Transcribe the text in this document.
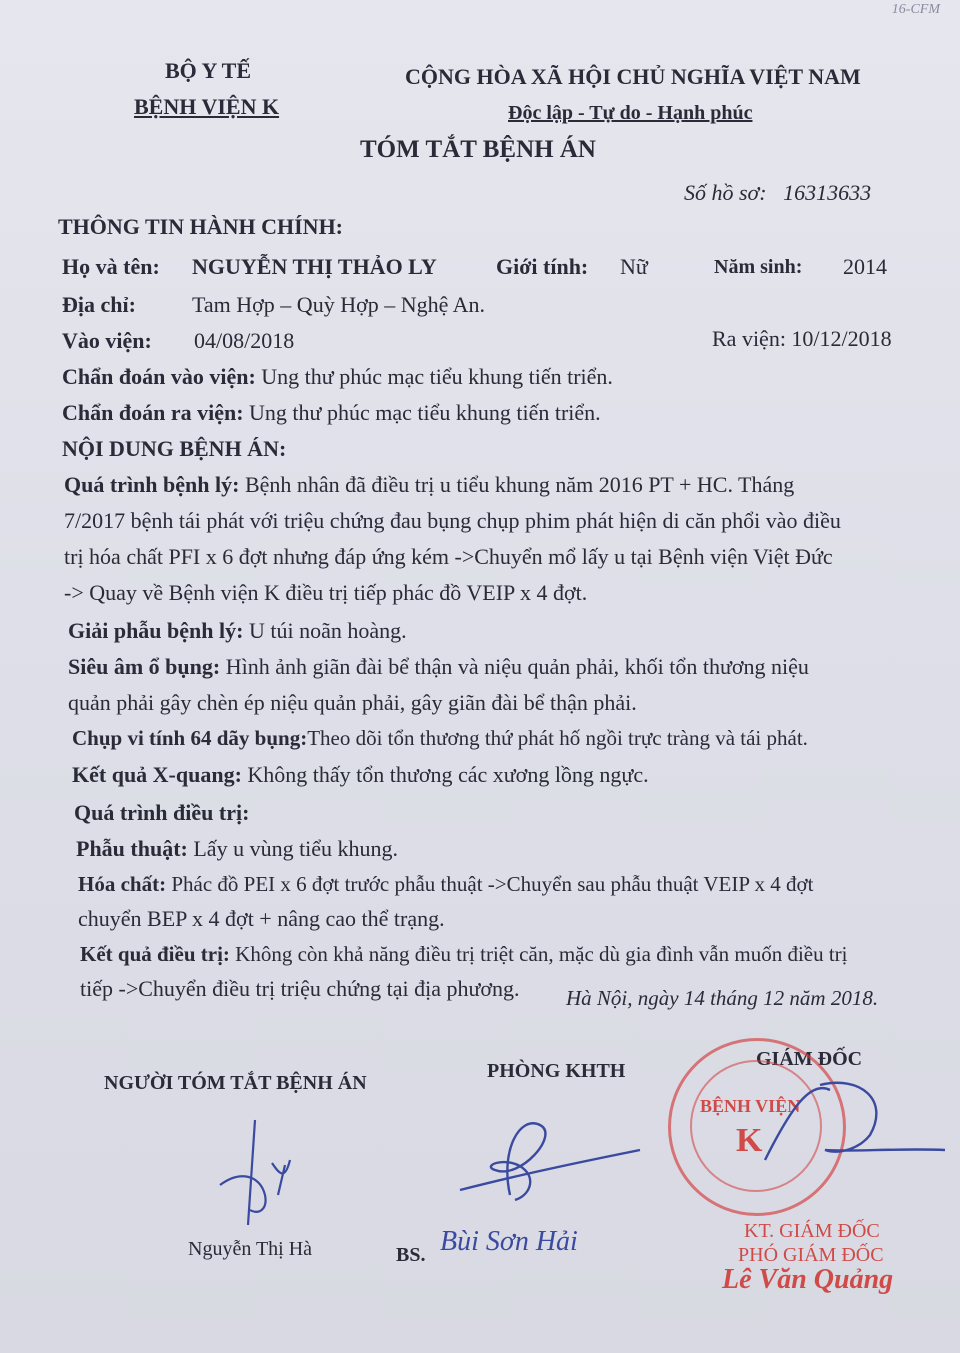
16-CFM
BỘ Y TẾ
BỆNH VIỆN K
CỘNG HÒA XÃ HỘI CHỦ NGHĨA VIỆT NAM
Độc lập - Tự do - Hạnh phúc
TÓM TẮT BỆNH ÁN
Số hồ sơ: 16313633
THÔNG TIN HÀNH CHÍNH:
Họ và tên: NGUYỄN THỊ THẢO LY	Giới tính: Nữ	Năm sinh: 2014
Địa chỉ:	Tam Hợp – Quỳ Hợp – Nghệ An.
Vào viện: 04/08/2018	Ra viện: 10/12/2018
Chẩn đoán vào viện: Ung thư phúc mạc tiểu khung tiến triển.
Chẩn đoán ra viện: Ung thư phúc mạc tiểu khung tiến triển.
NỘI DUNG BỆNH ÁN:
Quá trình bệnh lý: Bệnh nhân đã điều trị u tiểu khung năm 2016 PT + HC. Tháng
7/2017 bệnh tái phát với triệu chứng đau bụng chụp phim phát hiện di căn phổi vào điều
trị hóa chất PFI x 6 đợt nhưng đáp ứng kém ->Chuyển mổ lấy u tại Bệnh viện Việt Đức
-> Quay về Bệnh viện K điều trị tiếp phác đồ VEIP x 4 đợt.
Giải phẫu bệnh lý: U túi noãn hoàng.
Siêu âm ổ bụng: Hình ảnh giãn đài bể thận và niệu quản phải, khối tổn thương niệu
quản phải gây chèn ép niệu quản phải, gây giãn đài bể thận phải.
Chụp vi tính 64 dãy bụng:Theo dõi tổn thương thứ phát hố ngồi trực tràng và tái phát.
Kết quả X-quang: Không thấy tổn thương các xương lồng ngực.
Quá trình điều trị:
Phẫu thuật: Lấy u vùng tiểu khung.
Hóa chất: Phác đồ PEI x 6 đợt trước phẫu thuật ->Chuyển sau phẫu thuật VEIP x 4 đợt
chuyển BEP x 4 đợt + nâng cao thể trạng.
Kết quả điều trị: Không còn khả năng điều trị triệt căn, mặc dù gia đình vẫn muốn điều trị
tiếp ->Chuyển điều trị triệu chứng tại địa phương. Hà Nội, ngày 14 tháng 12 năm 2018.
NGƯỜI TÓM TẮT BỆNH ÁN
PHÒNG KHTH
GIÁM ĐỐC
Nguyễn Thị Hà	BS. Bùi Sơn Hải
BỆNH VIỆN
K
KT. GIÁM ĐỐC
PHÓ GIÁM ĐỐC
Lê Văn Quảng
